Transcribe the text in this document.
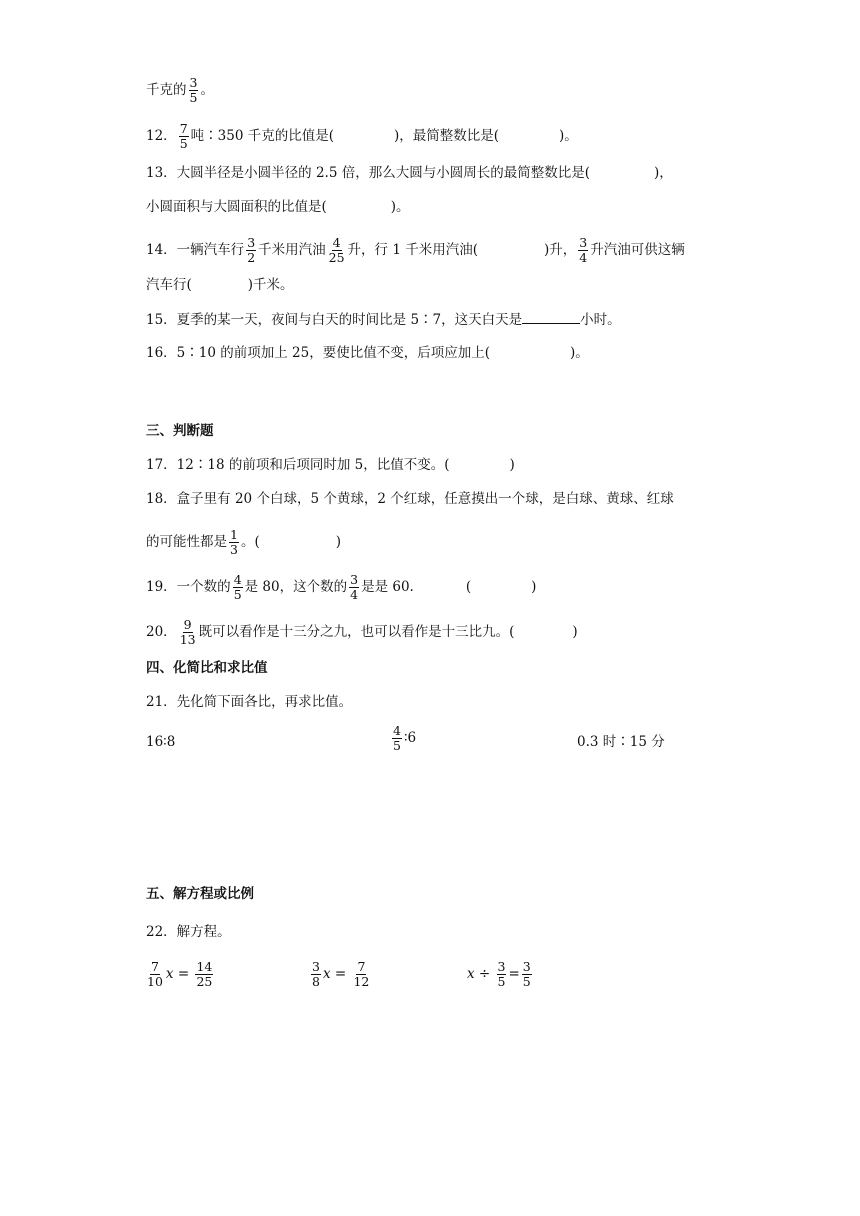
千克的 $\frac{3}{5}$ 。
12． $\frac{7}{5}$ 吨∶350 千克的比值是(	)，最简整数比是(	)。
13．大圆半径是小圆半径的 2.5 倍，那么大圆与小圆周长的最简整数比是(	)，
小圆面积与大圆面积的比值是(	)。
14．一辆汽车行 $\frac{3}{2}$ 千米用汽油 $\frac{4}{25}$ 升，行 1 千米用汽油(	)升， $\frac{3}{4}$ 升汽油可供这辆
汽车行(	)千米。
15．夏季的某一天，夜间与白天的时间比是 5∶7，这天白天是	小时。
16．5∶10 的前项加上 25，要使比值不变，后项应加上(	)。
三、判断题
17．12∶18 的前项和后项同时加 5，比值不变。(	)
18．盒子里有 20 个白球，5 个黄球，2 个红球，任意摸出一个球，是白球、黄球、红球
的可能性都是 $\frac{1}{3}$ 。(	)
19．一个数的 $\frac{4}{5}$ 是 80，这个数的 $\frac{3}{4}$ 是是 60.	(	)
20． $\frac{9}{13}$ 既可以看作是十三分之九，也可以看作是十三比九。(	)
四、化简比和求比值
21．先化简下面各比，再求比值。
16∶8	$\frac{4}{5}$ ∶6	0.3 时∶15 分
五、解方程或比例
22．解方程。
$\frac{7}{10}$ $x = \frac{14}{25}$	$\frac{3}{8}$ $x = \frac{7}{12}$	$x \div \frac{3}{5} = \frac{3}{5}$
